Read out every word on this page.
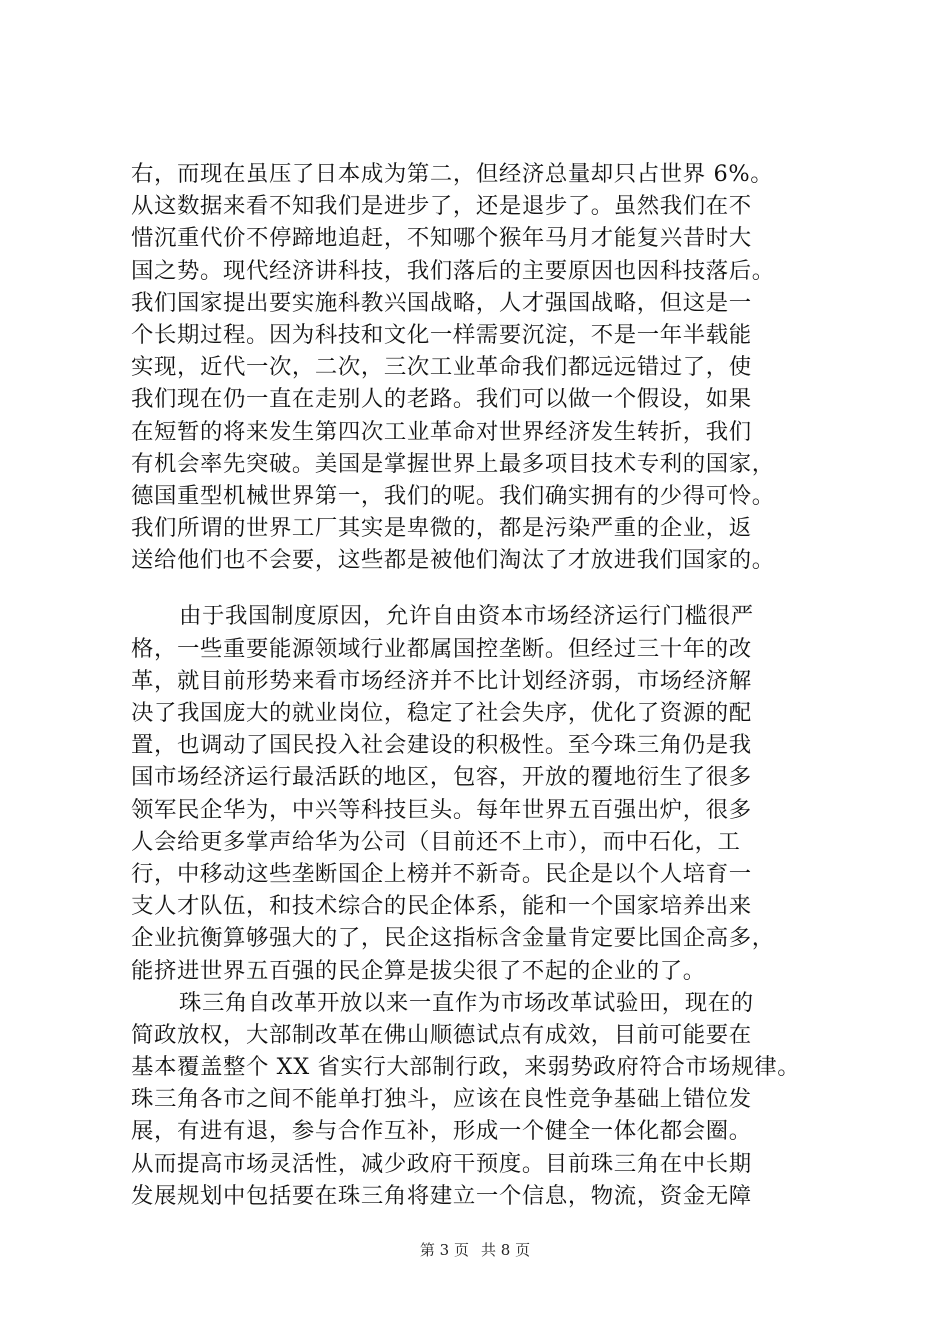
右，而现在虽压了日本成为第二，但经济总量却只占世界 6%。
从这数据来看不知我们是进步了，还是退步了。虽然我们在不
惜沉重代价不停蹄地追赶，不知哪个猴年马月才能复兴昔时大
国之势。现代经济讲科技，我们落后的主要原因也因科技落后。
我们国家提出要实施科教兴国战略，人才强国战略，但这是一
个长期过程。因为科技和文化一样需要沉淀，不是一年半载能
实现，近代一次，二次，三次工业革命我们都远远错过了，使
我们现在仍一直在走别人的老路。我们可以做一个假设，如果
在短暂的将来发生第四次工业革命对世界经济发生转折，我们
有机会率先突破。美国是掌握世界上最多项目技术专利的国家，
德国重型机械世界第一，我们的呢。我们确实拥有的少得可怜。
我们所谓的世界工厂其实是卑微的，都是污染严重的企业，返
送给他们也不会要，这些都是被他们淘汰了才放进我们国家的。
由于我国制度原因，允许自由资本市场经济运行门槛很严
格，一些重要能源领域行业都属国控垄断。但经过三十年的改
革，就目前形势来看市场经济并不比计划经济弱，市场经济解
决了我国庞大的就业岗位，稳定了社会失序，优化了资源的配
置，也调动了国民投入社会建设的积极性。至今珠三角仍是我
国市场经济运行最活跃的地区，包容，开放的覆地衍生了很多
领军民企华为，中兴等科技巨头。每年世界五百强出炉，很多
人会给更多掌声给华为公司（目前还不上市），而中石化，工
行，中移动这些垄断国企上榜并不新奇。民企是以个人培育一
支人才队伍，和技术综合的民企体系，能和一个国家培养出来
企业抗衡算够强大的了，民企这指标含金量肯定要比国企高多，
能挤进世界五百强的民企算是拔尖很了不起的企业的了。
珠三角自改革开放以来一直作为市场改革试验田，现在的
简政放权，大部制改革在佛山顺德试点有成效，目前可能要在
基本覆盖整个 XX 省实行大部制行政，来弱势政府符合市场规律。
珠三角各市之间不能单打独斗，应该在良性竞争基础上错位发
展，有进有退，参与合作互补，形成一个健全一体化都会圈。
从而提高市场灵活性，减少政府干预度。目前珠三角在中长期
发展规划中包括要在珠三角将建立一个信息，物流，资金无障
第 3 页 共 8 页
